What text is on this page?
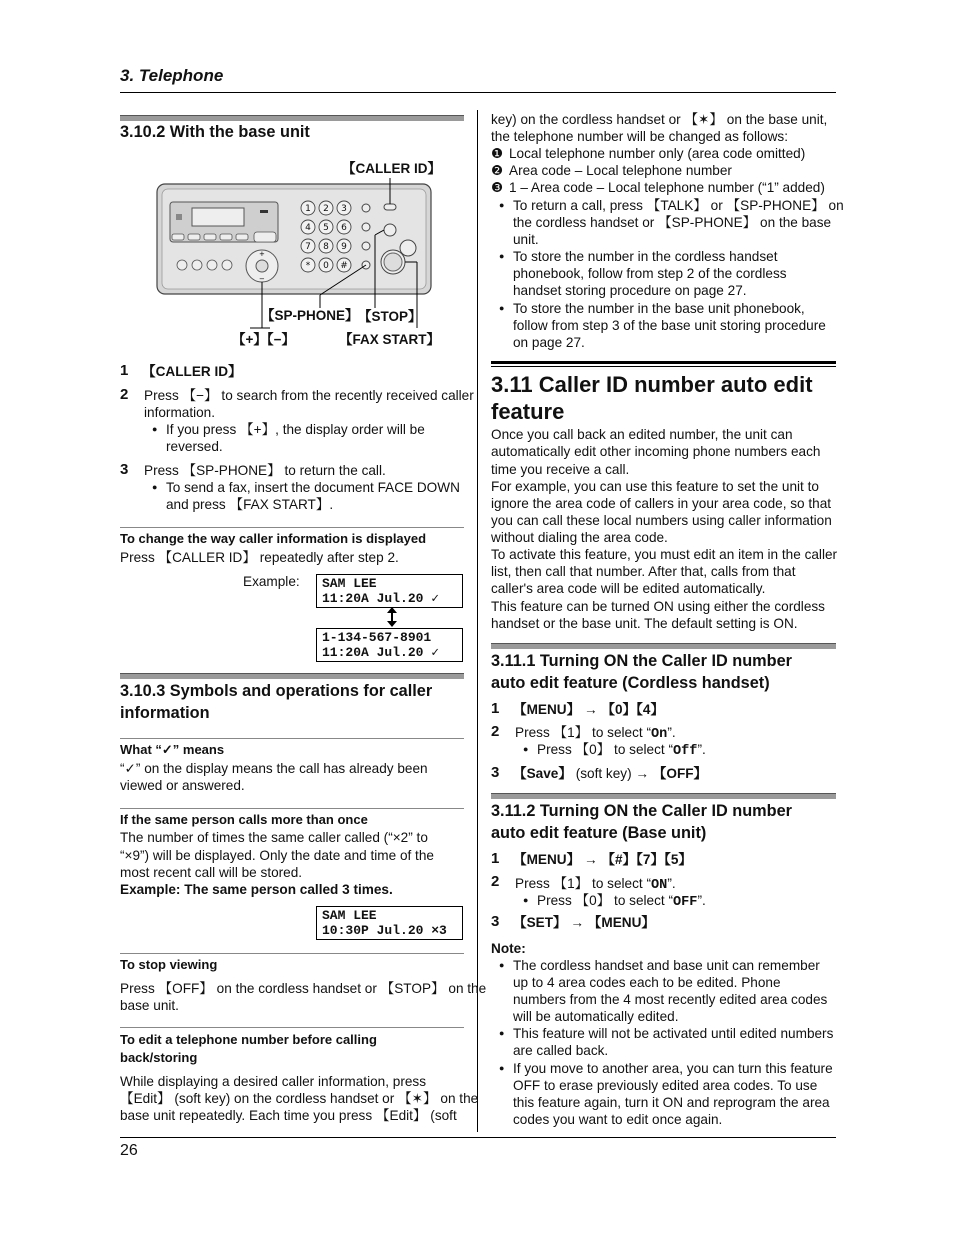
3. Telephone
3.10.2 With the base unit
+
−
1 2 3
4 5 6
7 8 9
* 0 #
【CALLER ID】
【SP-PHONE】 【STOP】
【+】【−】	【FAX START】
1 【CALLER ID】
2 Press 【−】 to search from the recently received caller
information.
● If you press 【+】, the display order will be
reversed.
3 Press 【SP-PHONE】 to return the call.
● To send a fax, insert the document FACE DOWN
and press 【FAX START】.
To change the way caller information is displayed
Press 【CALLER ID】 repeatedly after step 2.
Example: SAM LEE
11:20A Jul.20 ✓
1-134-567-8901
11:20A Jul.20 ✓
3.10.3 Symbols and operations for caller
information
What “✓” means
“✓” on the display means the call has already been
viewed or answered.
If the same person calls more than once
The number of times the same caller called (“×2” to
“×9”) will be displayed. Only the date and time of the
most recent call will be stored.
Example: The same person called 3 times.
SAM LEE
10:30P Jul.20 ×3
To stop viewing
Press 【OFF】 on the cordless handset or 【STOP】 on the
base unit.
To edit a telephone number before calling
back/storing
While displaying a desired caller information, press
【Edit】 (soft key) on the cordless handset or 【✶】 on the
base unit repeatedly. Each time you press 【Edit】 (soft
key) on the cordless handset or 【✶】 on the base unit,
the telephone number will be changed as follows:
❶ Local telephone number only (area code omitted)
❷ Area code – Local telephone number
❸ 1 – Area code – Local telephone number (“1” added)
● To return a call, press 【TALK】 or 【SP-PHONE】 on
the cordless handset or 【SP-PHONE】 on the base
unit.
● To store the number in the cordless handset
phonebook, follow from step 2 of the cordless
handset storing procedure on page 27.
● To store the number in the base unit phonebook,
follow from step 3 of the base unit storing procedure
on page 27.
3.11 Caller ID number auto edit
feature
Once you call back an edited number, the unit can
automatically edit other incoming phone numbers each
time you receive a call.
For example, you can use this feature to set the unit to
ignore the area code of callers in your area code, so that
you can call these local numbers using caller information
without dialing the area code.
To activate this feature, you must edit an item in the caller
list, then call that number. After that, calls from that
caller's area code will be edited automatically.
This feature can be turned ON using either the cordless
handset or the base unit. The default setting is ON.
3.11.1 Turning ON the Caller ID number
auto edit feature (Cordless handset)
1 【MENU】 → 【0】【4】
2 Press 【1】 to select “On”.
● Press 【0】 to select “Off”.
3 【Save】 (soft key) → 【OFF】
3.11.2 Turning ON the Caller ID number
auto edit feature (Base unit)
1 【MENU】 → 【#】【7】【5】
2 Press 【1】 to select “ON”.
● Press 【0】 to select “OFF”.
3 【SET】 → 【MENU】
Note:
● The cordless handset and base unit can remember
up to 4 area codes each to be edited. Phone
numbers from the 4 most recently edited area codes
will be automatically edited.
● This feature will not be activated until edited numbers
are called back.
● If you move to another area, you can turn this feature
OFF to erase previously edited area codes. To use
this feature again, turn it ON and reprogram the area
codes you want to edit once again.
26
